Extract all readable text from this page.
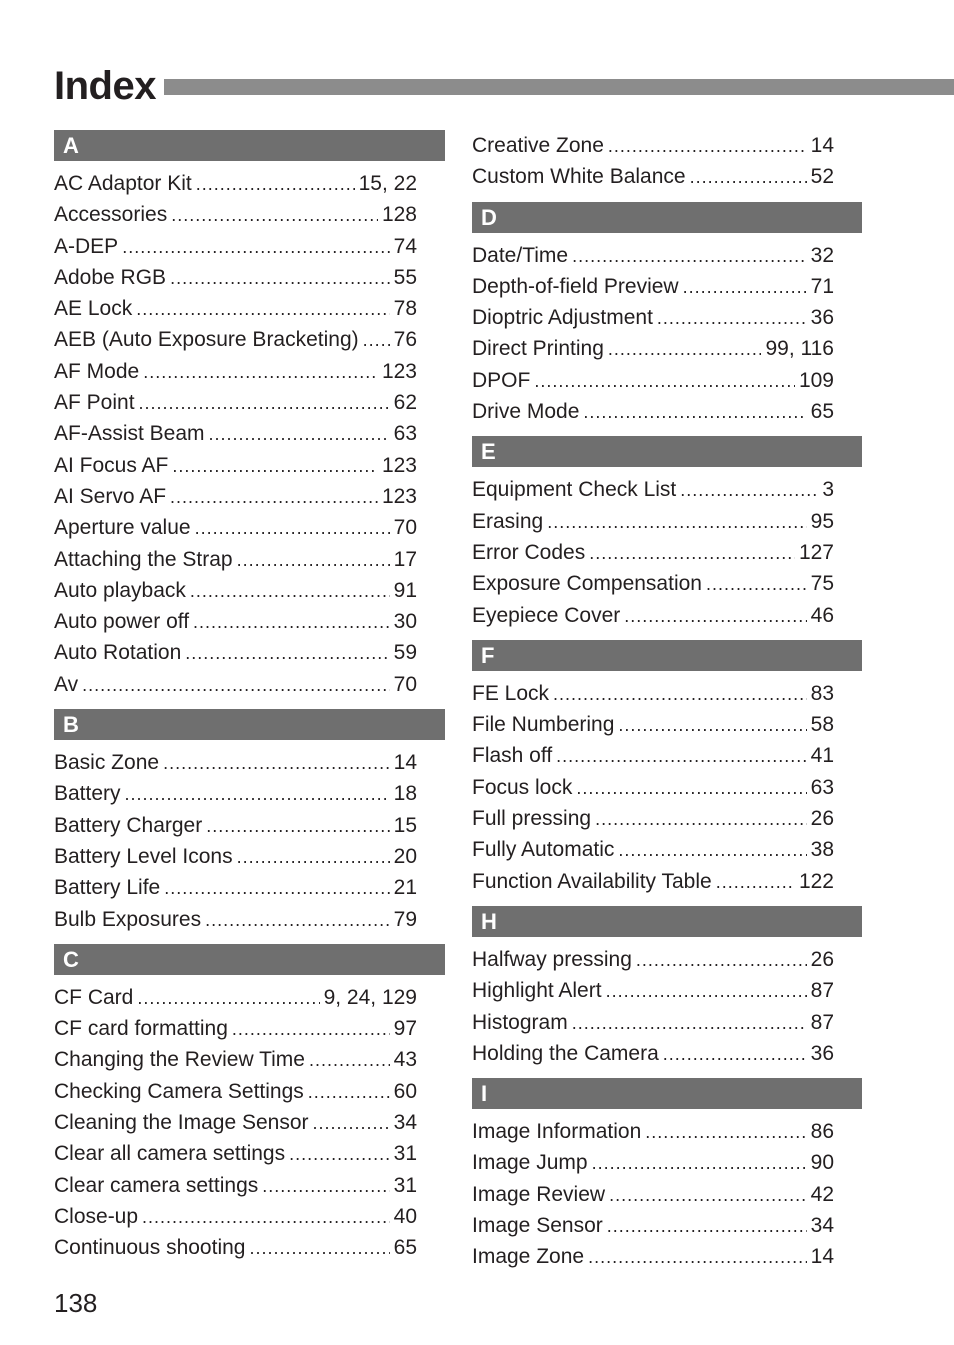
Index
A
AC Adaptor Kit .....	15, 22
Accessories .....	128
A-DEP .....	74
Adobe RGB .....	55
AE Lock .....	78
AEB (Auto Exposure Bracketing) ..... 76
AF Mode .....	123
AF Point .....	62
AF-Assist Beam .....	63
AI Focus AF .....	123
AI Servo AF .....	123
Aperture value .....	70
Attaching the Strap .....	17
Auto playback .....	91
Auto power off .....	30
Auto Rotation .....	59
Av .....	70
B
Basic Zone .....	14
Battery .....	18
Battery Charger .....	15
Battery Level Icons .....	20
Battery Life .....	21
Bulb Exposures .....	79
C
CF Card .....	9, 24, 129
CF card formatting .....	97
Changing the Review Time .....	43
Checking Camera Settings .....	60
Cleaning the Image Sensor .....	34
Clear all camera settings .....	31
Clear camera settings .....	31
Close-up .....	40
Continuous shooting .....	65
Creative Zone .....	14
Custom White Balance .....	52
D
Date/Time .....	32
Depth-of-field Preview .....	71
Dioptric Adjustment .....	36
Direct Printing .....	99, 116
DPOF .....	109
Drive Mode .....	65
E
Equipment Check List .....	3
Erasing .....	95
Error Codes .....	127
Exposure Compensation .....	75
Eyepiece Cover .....	46
F
FE Lock .....	83
File Numbering .....	58
Flash off .....	41
Focus lock .....	63
Full pressing .....	26
Fully Automatic .....	38
Function Availability Table .....	122
H
Halfway pressing .....	26
Highlight Alert .....	87
Histogram .....	87
Holding the Camera .....	36
I
Image Information .....	86
Image Jump .....	90
Image Review .....	42
Image Sensor .....	34
Image Zone .....	14
138
